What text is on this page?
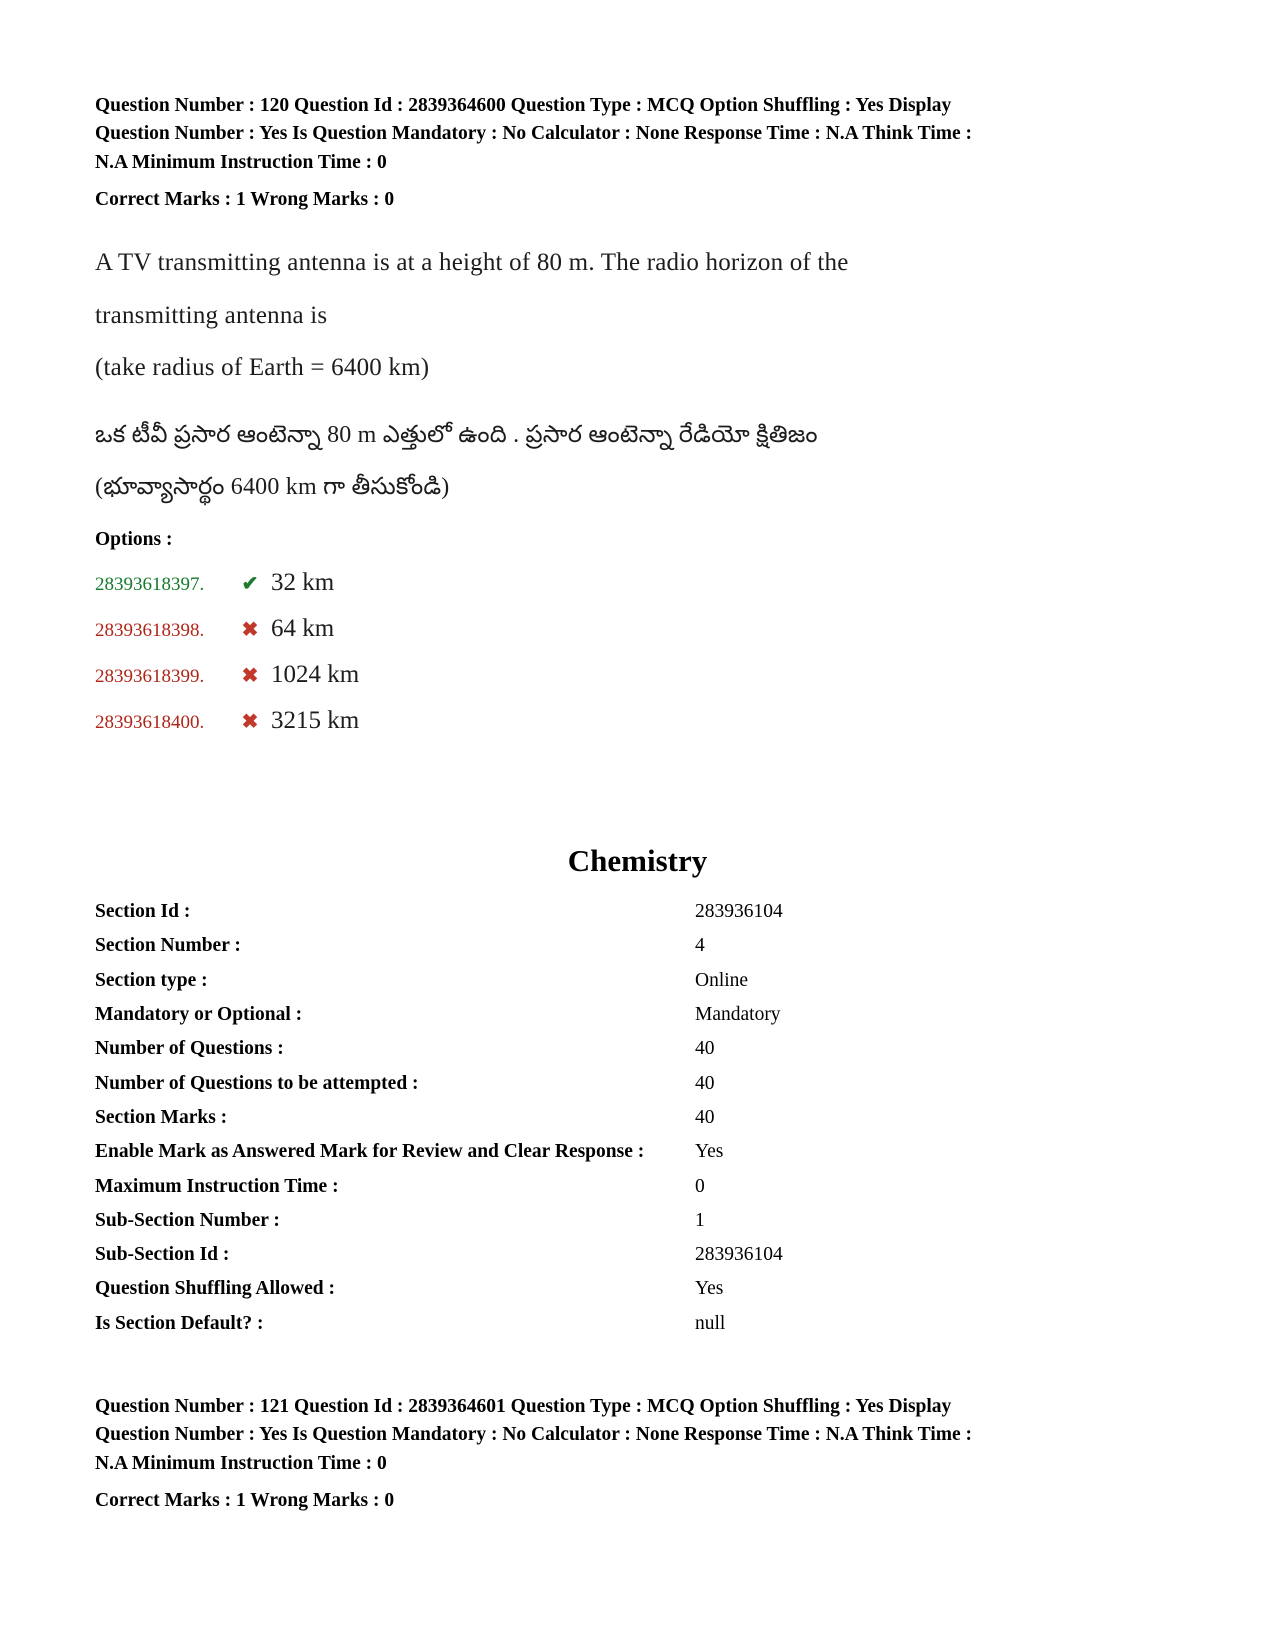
Question Number : 120 Question Id : 2839364600 Question Type : MCQ Option Shuffling : Yes Display
Question Number : Yes Is Question Mandatory : No Calculator : None Response Time : N.A Think Time :
N.A Minimum Instruction Time : 0
Correct Marks : 1 Wrong Marks : 0
A TV transmitting antenna is at a height of 80 m. The radio horizon of the
transmitting antenna is
(take radius of Earth = 6400 km)
ఒక టీవీ ప్రసార ఆంటెన్నా 80 m ఎత్తులో ఉంది . ప్రసార ఆంటెన్నా రేడియో క్షితిజం
(భూవ్యాసార్థం 6400 km గా తీసుకోండి)
Options :
28393618397.	✔ 32 km
28393618398.	✖ 64 km
28393618399.	✖ 1024 km
28393618400.	✖ 3215 km
Chemistry
Section Id :	283936104
Section Number :	4
Section type :	Online
Mandatory or Optional :	Mandatory
Number of Questions :	40
Number of Questions to be attempted :	40
Section Marks :	40
Enable Mark as Answered Mark for Review and Clear Response :	Yes
Maximum Instruction Time :	0
Sub-Section Number :	1
Sub-Section Id :	283936104
Question Shuffling Allowed :	Yes
Is Section Default? :	null
Question Number : 121 Question Id : 2839364601 Question Type : MCQ Option Shuffling : Yes Display
Question Number : Yes Is Question Mandatory : No Calculator : None Response Time : N.A Think Time :
N.A Minimum Instruction Time : 0
Correct Marks : 1 Wrong Marks : 0
